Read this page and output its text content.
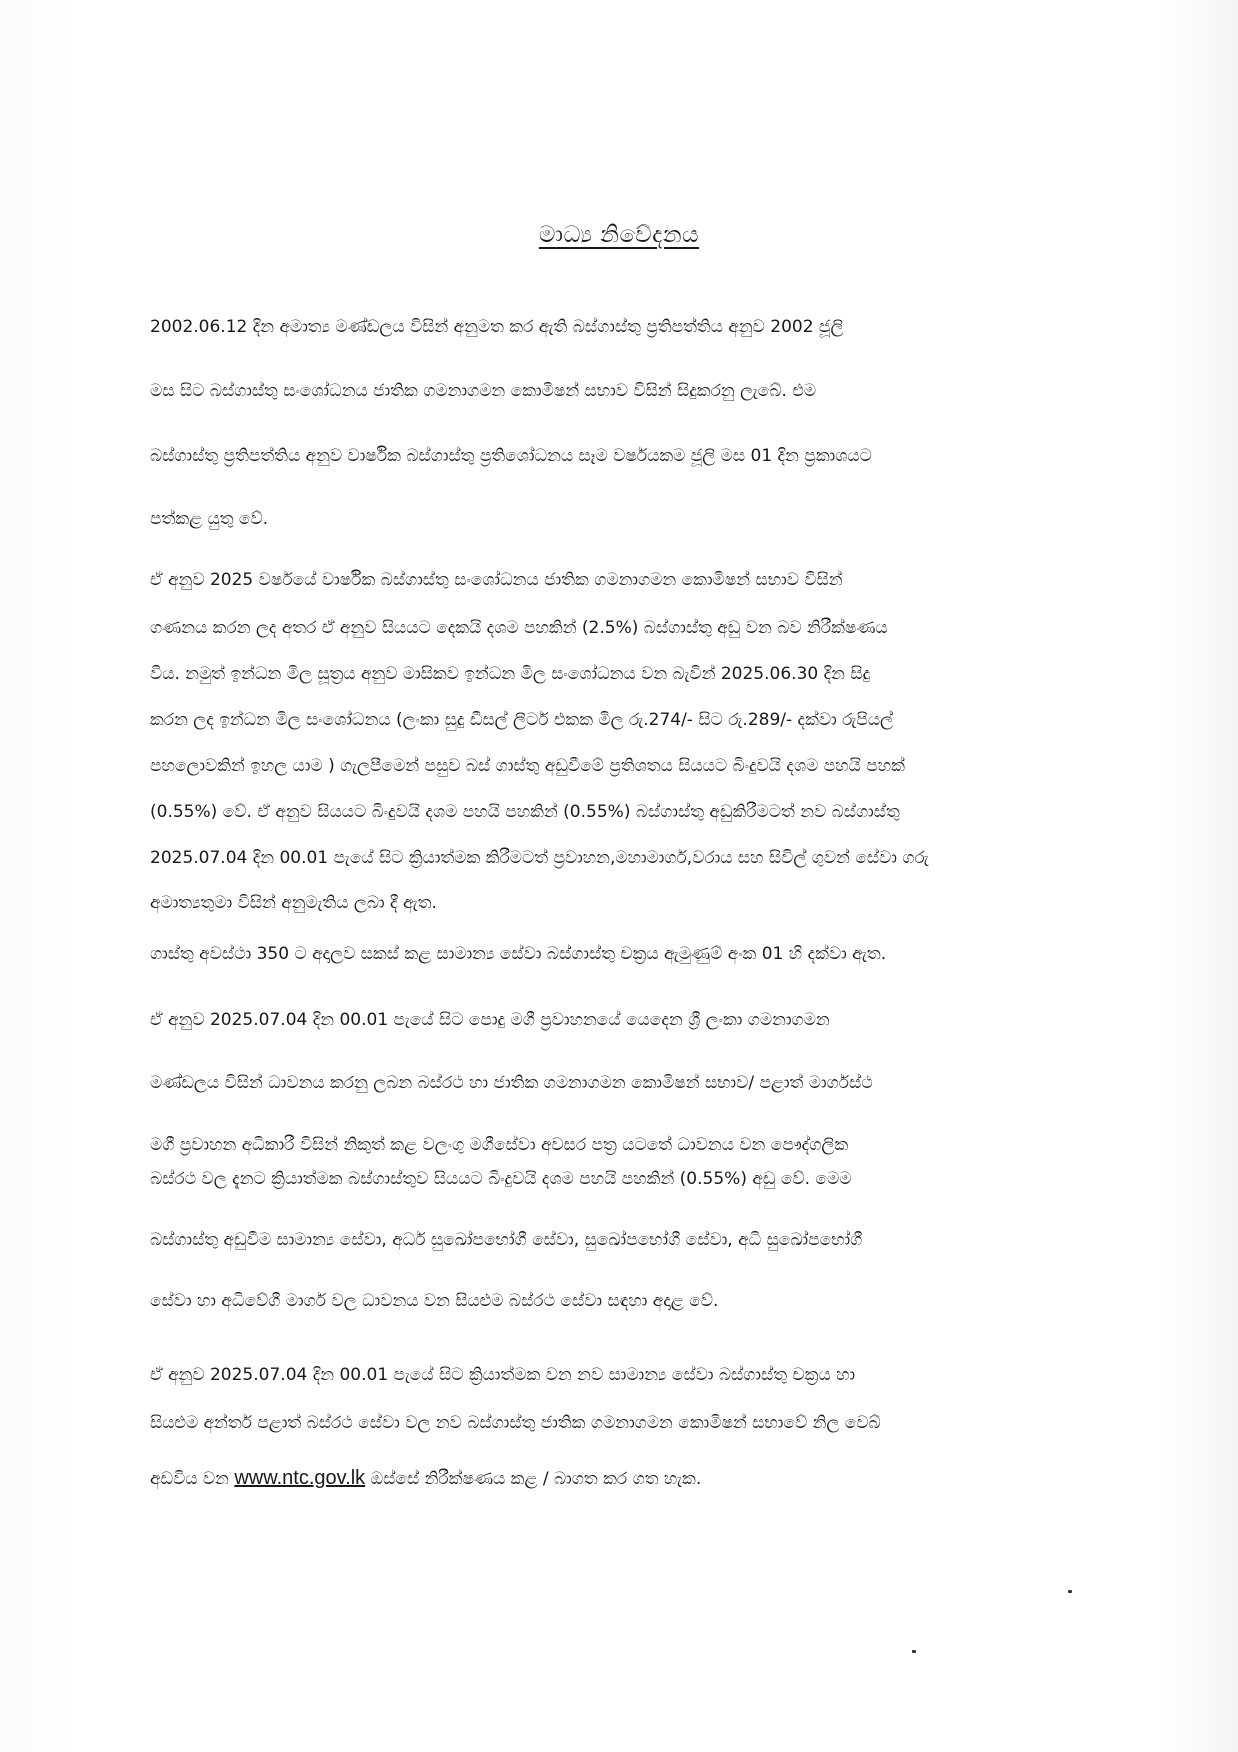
මාධ්‍ය නිවේදනය
2002.06.12 දින අමාත්‍ය මණ්ඩලය විසින් අනුමත කර ඇති බස්ගාස්තු ප්‍රතිපත්තිය අනුව 2002 ජූලි
මස සිට බස්ගාස්තු සංශෝධනය ජාතික ගමනාගමන කොමිෂන් සභාව විසින් සිදුකරනු ලැබේ. එම
බස්ගාස්තු ප්‍රතිපත්තිය අනුව වාර්ෂික බස්ගාස්තු ප්‍රතිශෝධනය සෑම වර්ෂයකම ජූලි මස 01 දින ප්‍රකාශයට
පත්කළ යුතු වේ.
ඒ අනුව 2025 වර්ෂයේ වාර්ෂික බස්ගාස්තු සංශෝධනය ජාතික ගමනාගමන කොමිෂන් සභාව විසින්
ගණනය කරන ලද අතර ඒ අනුව සියයට දෙකයි දශම පහකින් (2.5%) බස්ගාස්තු අඩු වන බව නිරීක්ෂණය
විය. නමුත් ඉන්ධන මිල සූත්‍රය අනුව මාසිකව ඉන්ධන මිල සංශෝධනය වන බැවින් 2025.06.30 දින සිදු
කරන ලද ඉන්ධන මිල සංශෝධනය (ලංකා සුදු ඩීසල් ලීටර් එකක මිල රු.274/- සිට රු.289/- දක්වා රුපියල්
පහලොවකින් ඉහල යාම ) ගැලපීමෙන් පසුව බස් ගාස්තු අඩුවීමේ ප්‍රතිශතය සියයට බිංදුවයි දශම පහයි පහක්
(0.55%) වේ. ඒ අනුව සියයට බිංදුවයි දශම පහයි පහකින් (0.55%) බස්ගාස්තු අඩුකිරීමටත් නව බස්ගාස්තු
2025.07.04 දින 00.01 පැයේ සිට ක්‍රියාත්මක කිරීමටත් ප්‍රවාහන,මහාමාර්ග,වරාය සහ සිවිල් ගුවන් සේවා ගරු
අමාත්‍යතුමා විසින් අනුමැතිය ලබා දී ඇත.
ගාස්තු අවස්ථා 350 ට අදාලව සකස් කළ සාමාන්‍ය සේවා බස්ගාස්තු චක්‍රය ඇමුණුම් අංක 01 හි දක්වා ඇත.
ඒ අනුව 2025.07.04 දින 00.01 පැයේ සිට පොදු මගී ප්‍රවාහනයේ යෙදෙන ශ්‍රී ලංකා ගමනාගමන
මණ්ඩලය විසින් ධාවනය කරනු ලබන බස්රථ හා ජාතික ගමනාගමන කොමිෂන් සභාව/ පළාත් මාර්ගස්ථ
මගී ප්‍රවාහන අධිකාරී විසින් නිකුත් කළ වලංගු මගීසේවා අවසර පත්‍ර යටතේ ධාවනය වන පෞද්ගලික
බස්රථ වල දැනට ක්‍රියාත්මක බස්ගාස්තුව සියයට බිංදුවයි දශම පහයි පහකින් (0.55%) අඩු වේ. මෙම
බස්ගාස්තු අඩුවීම සාමාන්‍ය සේවා, අර්ධ සුඛෝපභෝගී සේවා, සුඛෝපභෝගී සේවා, අධි සුඛෝපභෝගී
සේවා හා අධිවේගී මාර්ග වල ධාවනය වන සියළුම බස්රථ සේවා සඳහා අදාළ වේ.
ඒ අනුව 2025.07.04 දින 00.01 පැයේ සිට ක්‍රියාත්මක වන නව සාමාන්‍ය සේවා බස්ගාස්තු චක්‍රය හා
සියළුම අන්තර් පළාත් බස්රථ සේවා වල නව බස්ගාස්තු ජාතික ගමනාගමන කොමිෂන් සභාවේ නිල වෙබ්
අඩවිය වන www.ntc.gov.lk ඔස්සේ නිරීක්ෂණය කළ / බාගත කර ගත හැක.
